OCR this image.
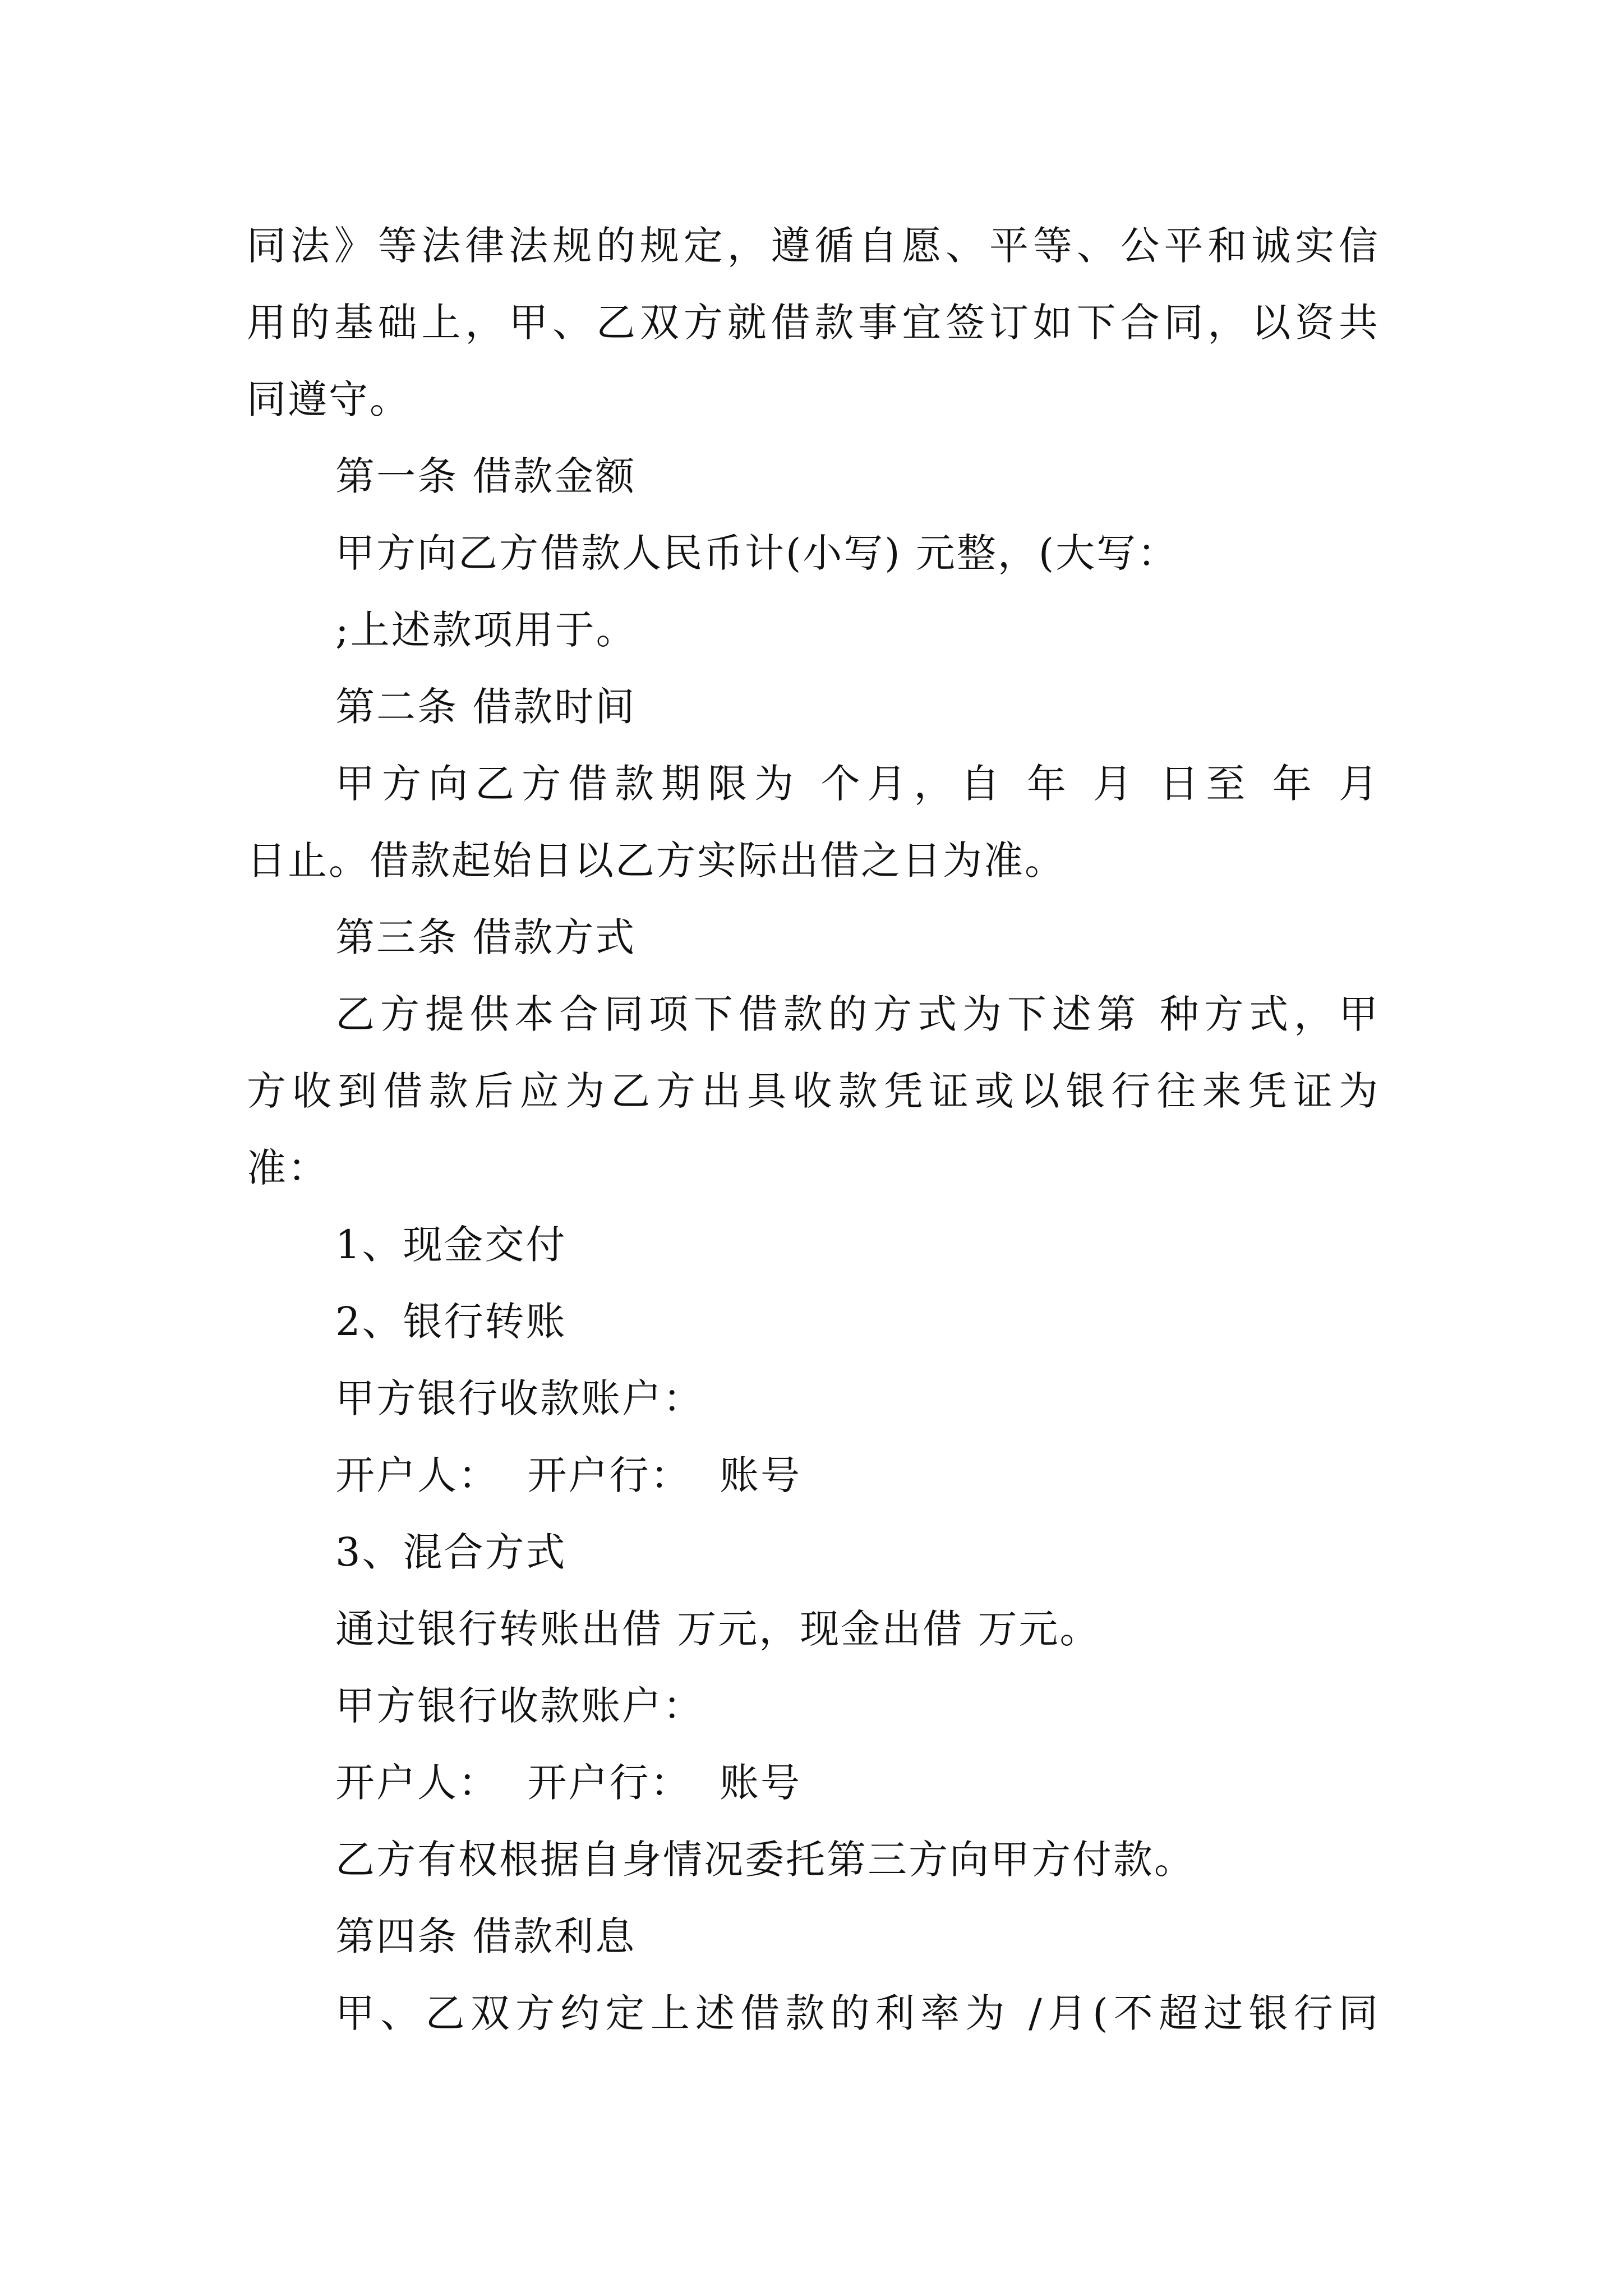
同法》等法律法规的规定，遵循自愿、平等、公平和诚实信
用的基础上，甲、乙双方就借款事宜签订如下合同，以资共
同遵守。
第一条 借款金额
甲方向乙方借款人民币计(小写) 元整，(大写：
;上述款项用于。
第二条 借款时间
甲方向乙方借款期限为 个月，自 年 月 日至 年 月
日止。借款起始日以乙方实际出借之日为准。
第三条 借款方式
乙方提供本合同项下借款的方式为下述第 种方式，甲
方收到借款后应为乙方出具收款凭证或以银行往来凭证为
准：
1、现金交付
2、银行转账
甲方银行收款账户：
开户人：  开户行：  账号
3、混合方式
通过银行转账出借 万元，现金出借 万元。
甲方银行收款账户：
开户人：  开户行：  账号
乙方有权根据自身情况委托第三方向甲方付款。
第四条 借款利息
甲、乙双方约定上述借款的利率为 /月(不超过银行同
